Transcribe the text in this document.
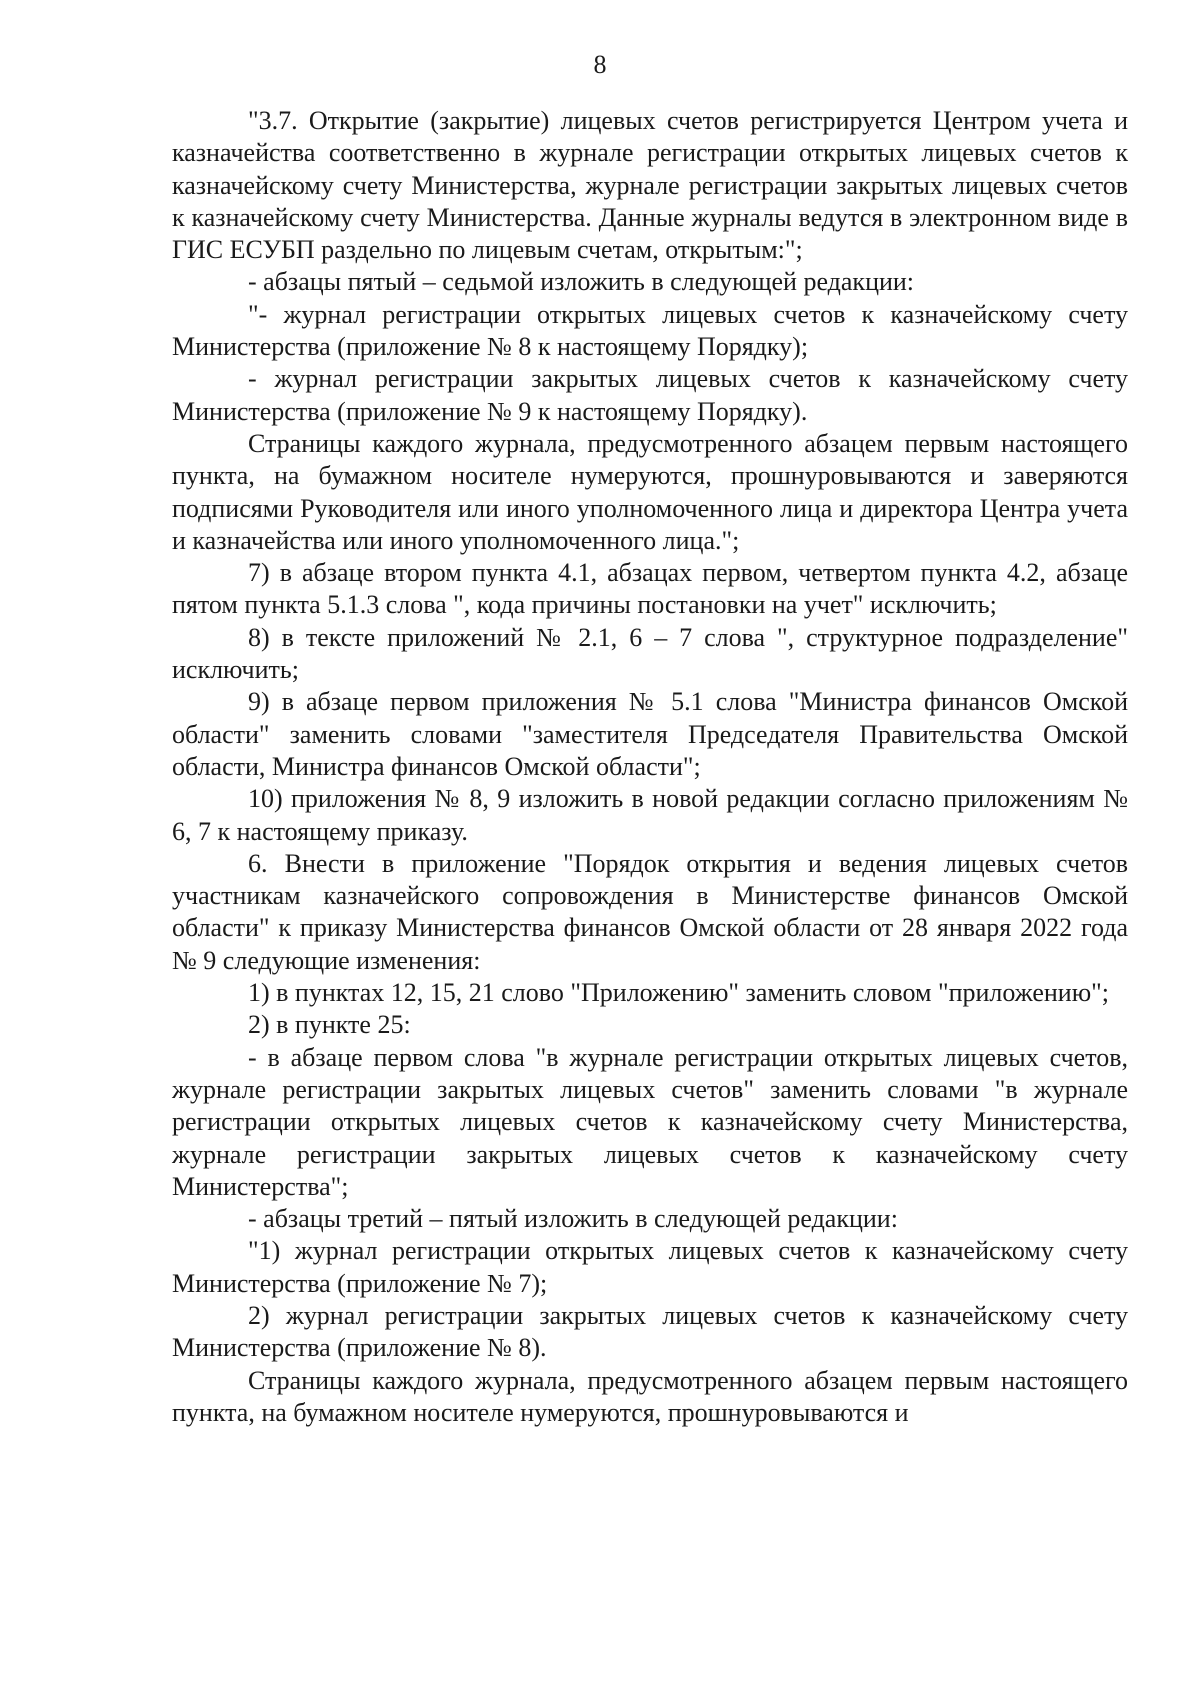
8

"3.7. Открытие (закрытие) лицевых счетов регистрируется Центром учета и казначейства соответственно в журнале регистрации открытых лицевых счетов к казначейскому счету Министерства, журнале регистрации закрытых лицевых счетов к казначейскому счету Министерства. Данные журналы ведутся в электронном виде в ГИС ЕСУБП раздельно по лицевым счетам, открытым:";

- абзацы пятый – седьмой изложить в следующей редакции:

"- журнал регистрации открытых лицевых счетов к казначейскому счету Министерства (приложение № 8 к настоящему Порядку);

- журнал регистрации закрытых лицевых счетов к казначейскому счету Министерства (приложение № 9 к настоящему Порядку).

Страницы каждого журнала, предусмотренного абзацем первым настоящего пункта, на бумажном носителе нумеруются, прошнуровываются и заверяются подписями Руководителя или иного уполномоченного лица и директора Центра учета и казначейства или иного уполномоченного лица.";

7) в абзаце втором пункта 4.1, абзацах первом, четвертом пункта 4.2, абзаце пятом пункта 5.1.3 слова ", кода причины постановки на учет" исключить;

8) в тексте приложений № 2.1, 6 – 7 слова ", структурное подразделение" исключить;

9) в абзаце первом приложения № 5.1 слова "Министра финансов Омской области" заменить словами "заместителя Председателя Правительства Омской области, Министра финансов Омской области";

10) приложения № 8, 9 изложить в новой редакции согласно приложениям № 6, 7 к настоящему приказу.

6. Внести в приложение "Порядок открытия и ведения лицевых счетов участникам казначейского сопровождения в Министерстве финансов Омской области" к приказу Министерства финансов Омской области от 28 января 2022 года № 9 следующие изменения:

1) в пунктах 12, 15, 21 слово "Приложению" заменить словом "приложению";

2) в пункте 25:

- в абзаце первом слова "в журнале регистрации открытых лицевых счетов, журнале регистрации закрытых лицевых счетов" заменить словами "в журнале регистрации открытых лицевых счетов к казначейскому счету Министерства, журнале регистрации закрытых лицевых счетов к казначейскому счету Министерства";

- абзацы третий – пятый изложить в следующей редакции:

"1) журнал регистрации открытых лицевых счетов к казначейскому счету Министерства (приложение № 7);

2) журнал регистрации закрытых лицевых счетов к казначейскому счету Министерства (приложение № 8).

Страницы каждого журнала, предусмотренного абзацем первым настоящего пункта, на бумажном носителе нумеруются, прошнуровываются и
